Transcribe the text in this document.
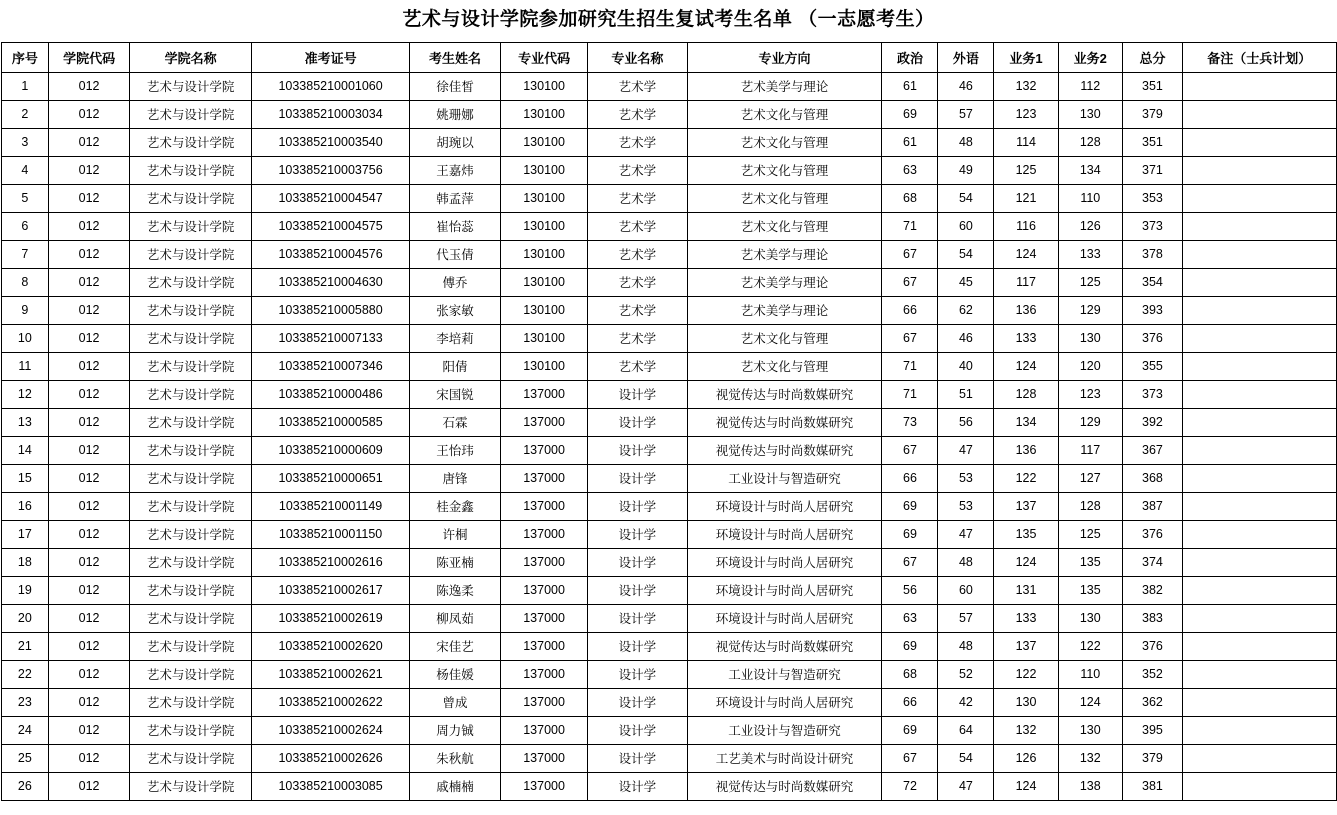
艺术与设计学院参加研究生招生复试考生名单 （一志愿考生）
序号	学院代码	学院名称	准考证号	考生姓名	专业代码	专业名称	专业方向	政治	外语	业务1	业务2	总分	备注（士兵计划）
1	012	艺术与设计学院	103385210001060	徐佳皙	130100	艺术学	艺术美学与理论	61	46	132	112	351	
2	012	艺术与设计学院	103385210003034	姚珊娜	130100	艺术学	艺术文化与管理	69	57	123	130	379	
3	012	艺术与设计学院	103385210003540	胡琬以	130100	艺术学	艺术文化与管理	61	48	114	128	351	
4	012	艺术与设计学院	103385210003756	王嘉炜	130100	艺术学	艺术文化与管理	63	49	125	134	371	
5	012	艺术与设计学院	103385210004547	韩孟萍	130100	艺术学	艺术文化与管理	68	54	121	110	353	
6	012	艺术与设计学院	103385210004575	崔怡蕊	130100	艺术学	艺术文化与管理	71	60	116	126	373	
7	012	艺术与设计学院	103385210004576	代玉倩	130100	艺术学	艺术美学与理论	67	54	124	133	378	
8	012	艺术与设计学院	103385210004630	傅乔	130100	艺术学	艺术美学与理论	67	45	117	125	354	
9	012	艺术与设计学院	103385210005880	张家敏	130100	艺术学	艺术美学与理论	66	62	136	129	393	
10	012	艺术与设计学院	103385210007133	李培莉	130100	艺术学	艺术文化与管理	67	46	133	130	376	
11	012	艺术与设计学院	103385210007346	阳倩	130100	艺术学	艺术文化与管理	71	40	124	120	355	
12	012	艺术与设计学院	103385210000486	宋国锐	137000	设计学	视觉传达与时尚数媒研究	71	51	128	123	373	
13	012	艺术与设计学院	103385210000585	石霖	137000	设计学	视觉传达与时尚数媒研究	73	56	134	129	392	
14	012	艺术与设计学院	103385210000609	王怡玮	137000	设计学	视觉传达与时尚数媒研究	67	47	136	117	367	
15	012	艺术与设计学院	103385210000651	唐锋	137000	设计学	工业设计与智造研究	66	53	122	127	368	
16	012	艺术与设计学院	103385210001149	桂金鑫	137000	设计学	环境设计与时尚人居研究	69	53	137	128	387	
17	012	艺术与设计学院	103385210001150	许桐	137000	设计学	环境设计与时尚人居研究	69	47	135	125	376	
18	012	艺术与设计学院	103385210002616	陈亚楠	137000	设计学	环境设计与时尚人居研究	67	48	124	135	374	
19	012	艺术与设计学院	103385210002617	陈逸柔	137000	设计学	环境设计与时尚人居研究	56	60	131	135	382	
20	012	艺术与设计学院	103385210002619	柳凤茹	137000	设计学	环境设计与时尚人居研究	63	57	133	130	383	
21	012	艺术与设计学院	103385210002620	宋佳艺	137000	设计学	视觉传达与时尚数媒研究	69	48	137	122	376	
22	012	艺术与设计学院	103385210002621	杨佳媛	137000	设计学	工业设计与智造研究	68	52	122	110	352	
23	012	艺术与设计学院	103385210002622	曾成	137000	设计学	环境设计与时尚人居研究	66	42	130	124	362	
24	012	艺术与设计学院	103385210002624	周力铖	137000	设计学	工业设计与智造研究	69	64	132	130	395	
25	012	艺术与设计学院	103385210002626	朱秋航	137000	设计学	工艺美术与时尚设计研究	67	54	126	132	379	
26	012	艺术与设计学院	103385210003085	戚楠楠	137000	设计学	视觉传达与时尚数媒研究	72	47	124	138	381	
